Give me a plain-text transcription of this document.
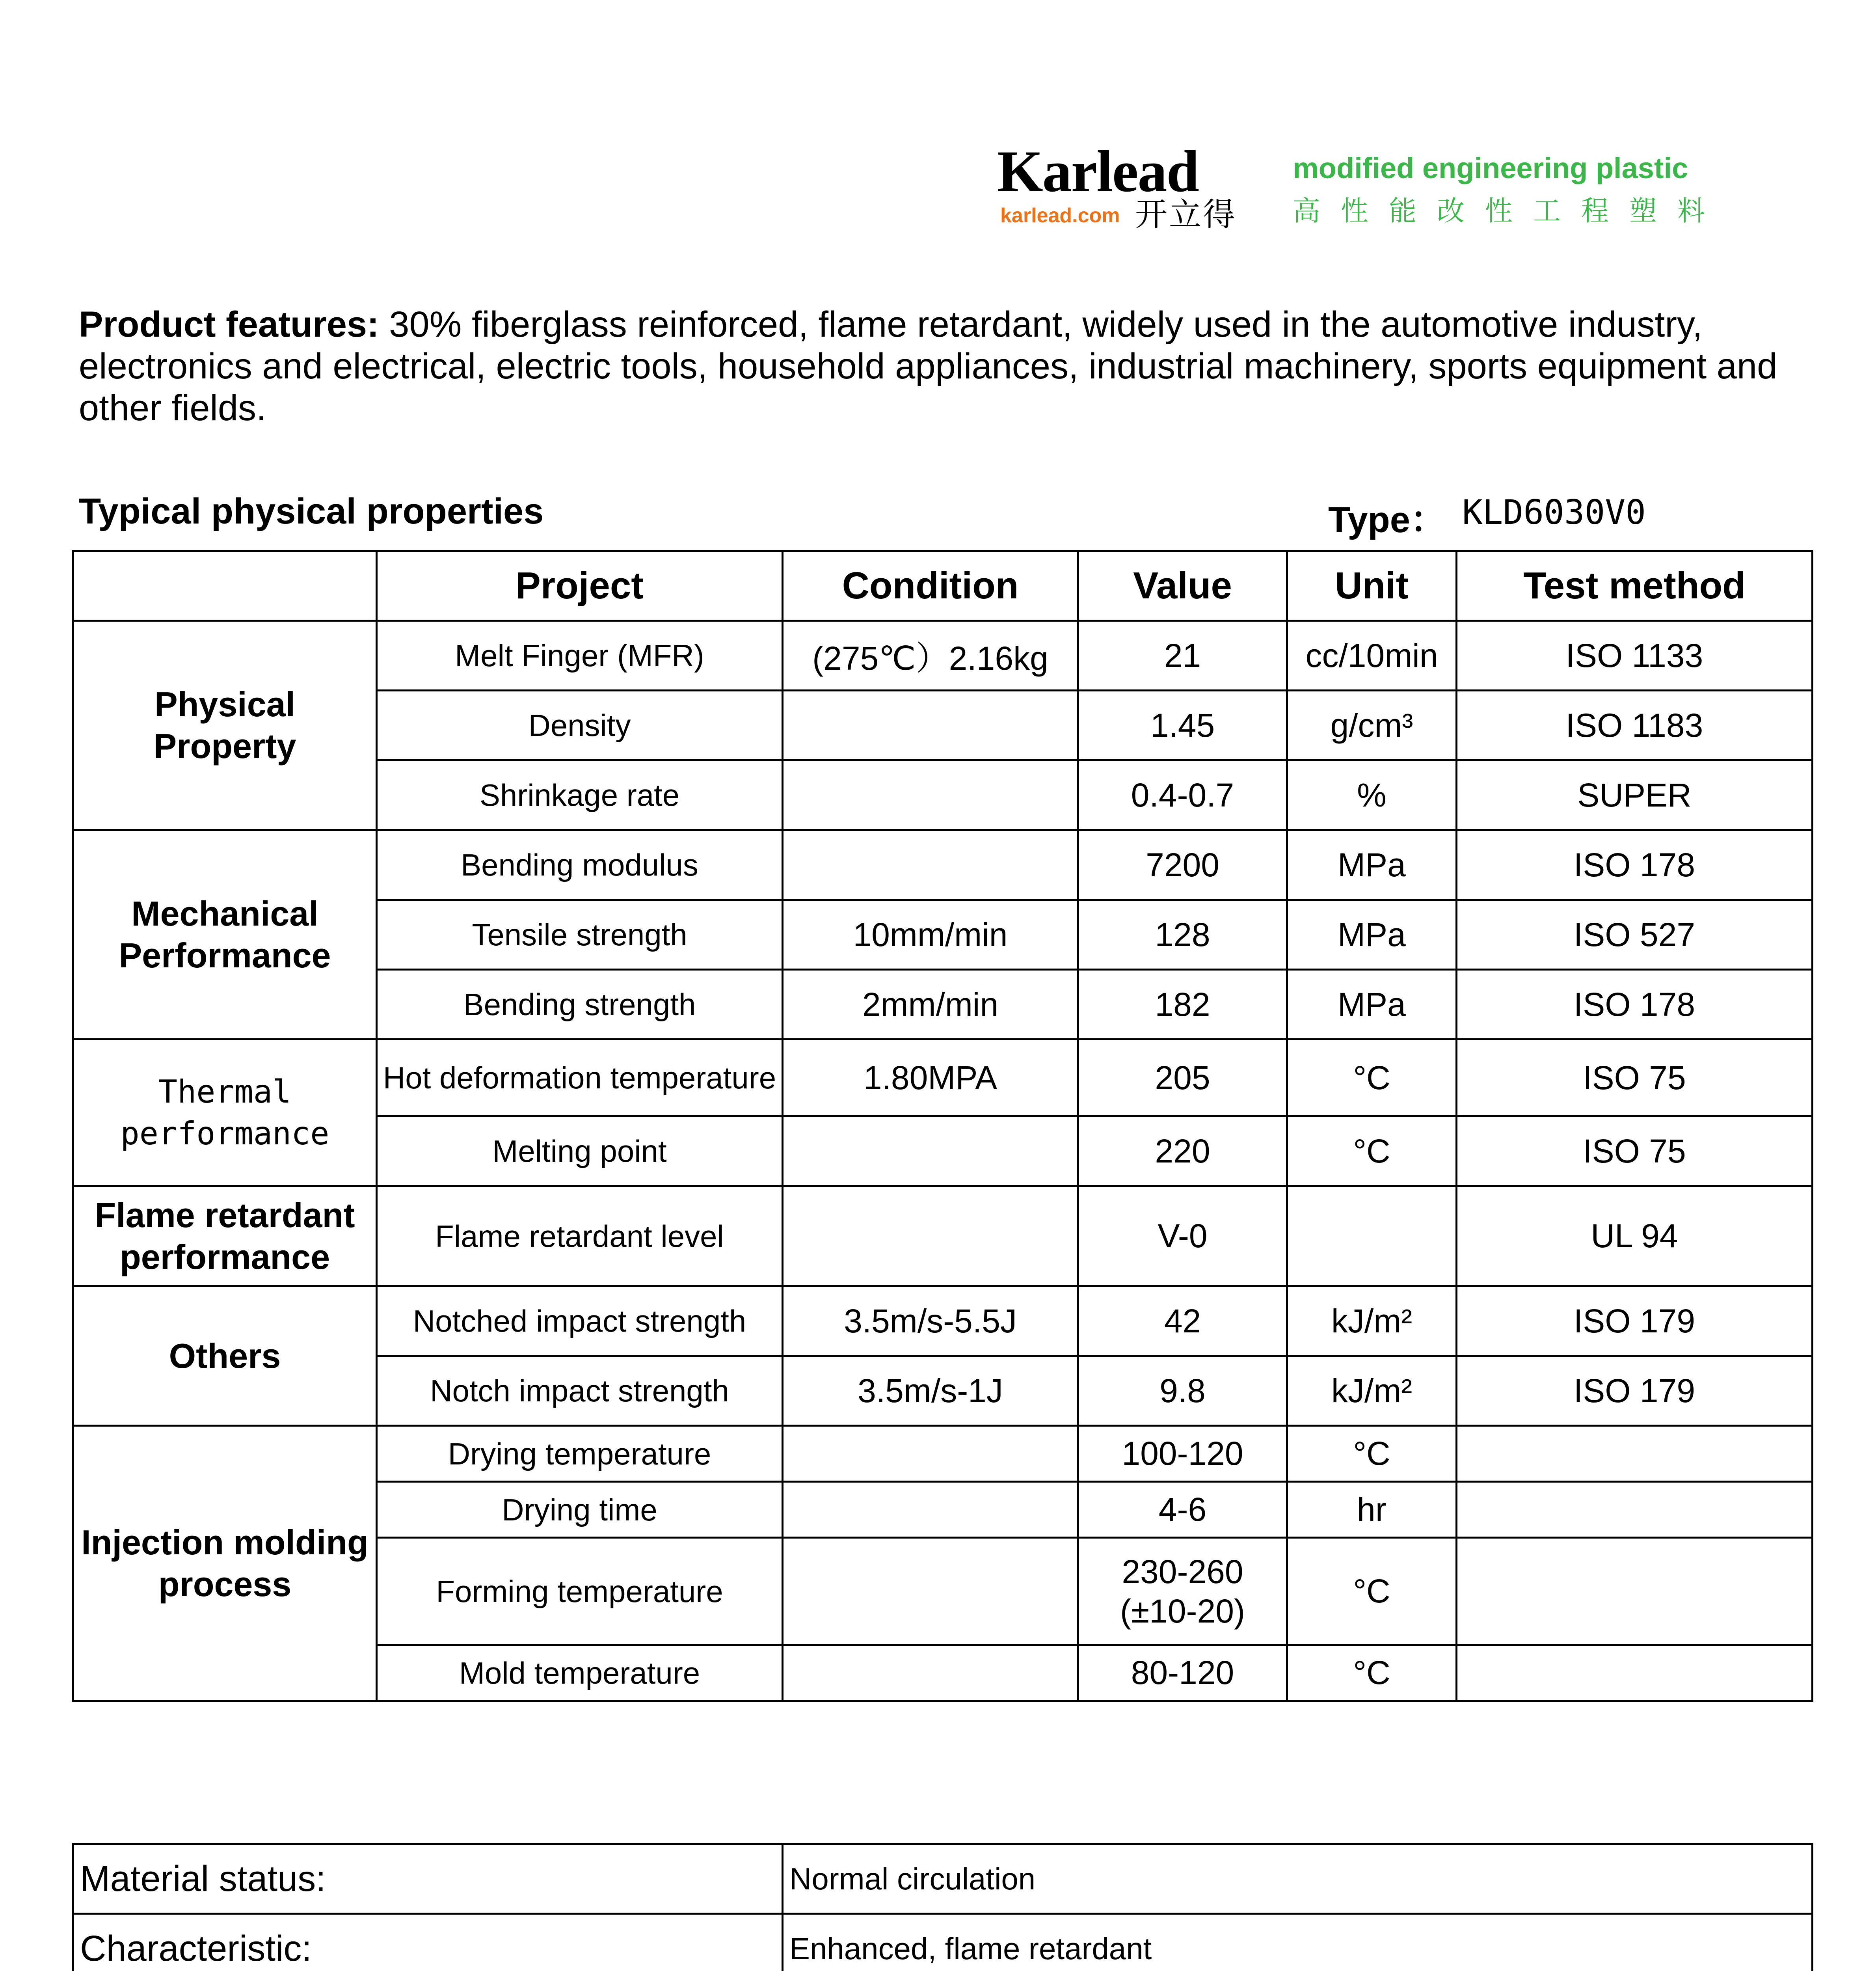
Karlead
karlead.com 开立得
modified engineering plastic
高性能改性工程塑料
Product features: 30% fiberglass reinforced, flame retardant, widely used in the automotive industry, electronics and electrical, electric tools, household appliances, industrial machinery, sports equipment and other fields.
Typical physical properties	Type： KLD6030V0
	Project	Condition	Value	Unit	Test method
Physical Property	Melt Finger (MFR)	(275℃）2.16kg	21	cc/10min	ISO 1133
	Density		1.45	g/cm³	ISO 1183
	Shrinkage rate		0.4-0.7	%	SUPER
Mechanical Performance	Bending modulus		7200	MPa	ISO 178
	Tensile strength	10mm/min	128	MPa	ISO 527
	Bending strength	2mm/min	182	MPa	ISO 178
Thermal performance	Hot deformation temperature	1.80MPA	205	°C	ISO 75
	Melting point		220	°C	ISO 75
Flame retardant performance	Flame retardant level		V-0		UL 94
Others	Notched impact strength	3.5m/s-5.5J	42	kJ/m²	ISO 179
	Notch impact strength	3.5m/s-1J	9.8	kJ/m²	ISO 179
Injection molding process	Drying temperature		100-120	°C	
	Drying time		4-6	hr	
	Forming temperature		230-260 (±10-20)	°C	
	Mold temperature		80-120	°C	
Material status:	Normal circulation
Characteristic:	Enhanced, flame retardant
